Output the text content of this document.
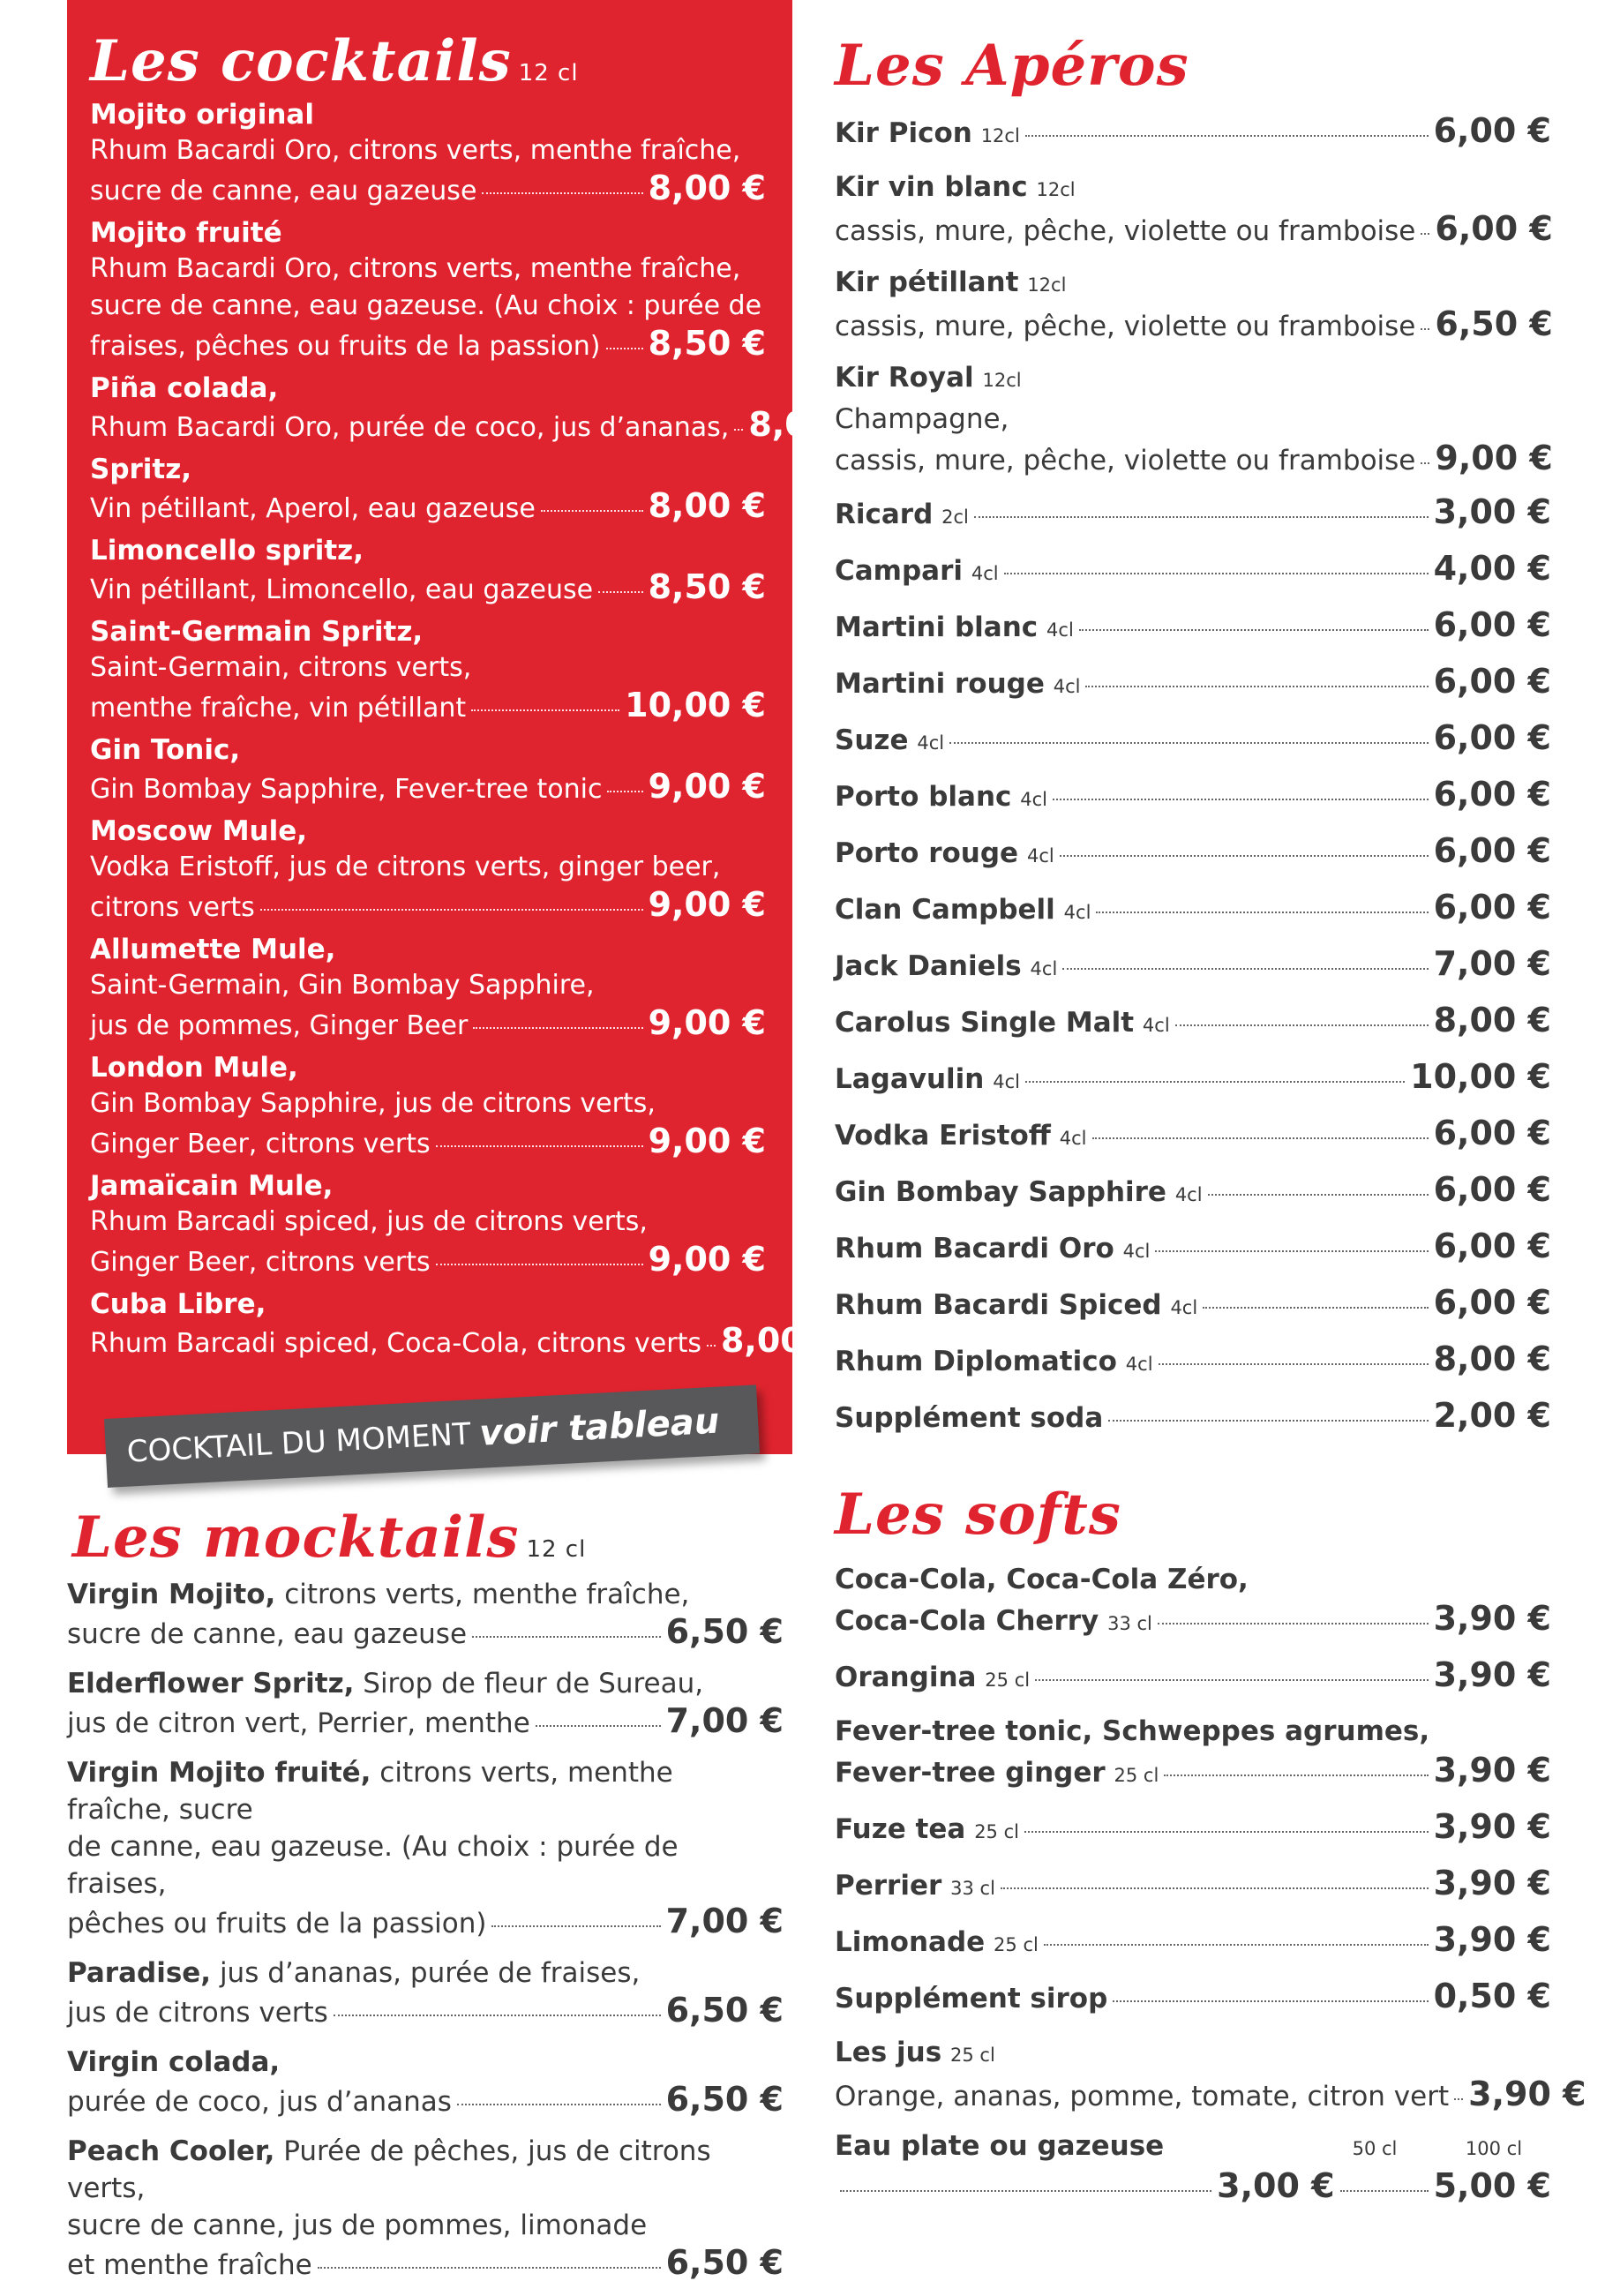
Les cocktails 12 cl
Mojito original
Rhum Bacardi Oro, citrons verts, menthe fraîche,
sucre de canne, eau gazeuse	8,00 €
Mojito fruité
Rhum Bacardi Oro, citrons verts, menthe fraîche,
sucre de canne, eau gazeuse. (Au choix : purée de
fraises, pêches ou fruits de la passion) 8,50 €
Piña colada,
Rhum Bacardi Oro, purée de coco, jus d’ananas, 8,00 €
Spritz,
Vin pétillant, Aperol, eau gazeuse	8,00 €
Limoncello spritz,
Vin pétillant, Limoncello, eau gazeuse 8,50 €
Saint-Germain Spritz,
Saint-Germain, citrons verts,
menthe fraîche, vin pétillant	10,00 €
Gin Tonic,
Gin Bombay Sapphire, Fever-tree tonic 9,00 €
Moscow Mule,
Vodka Eristoff, jus de citrons verts, ginger beer,
citrons verts	9,00 €
Allumette Mule,
Saint-Germain, Gin Bombay Sapphire,
jus de pommes, Ginger Beer	9,00 €
London Mule,
Gin Bombay Sapphire, jus de citrons verts,
Ginger Beer, citrons verts	9,00 €
Jamaïcain Mule,
Rhum Barcadi spiced, jus de citrons verts,
Ginger Beer, citrons verts	9,00 €
Cuba Libre,
Rhum Barcadi spiced, Coca-Cola, citrons verts 8,00 €
COCKTAIL DU MOMENT voir tableau
Les mocktails 12 cl
Virgin Mojito, citrons verts, menthe fraîche,
sucre de canne, eau gazeuse	6,50 €
Elderflower Spritz, Sirop de fleur de Sureau,
jus de citron vert, Perrier, menthe	7,00 €
Virgin Mojito fruité, citrons verts, menthe fraîche, sucre
de canne, eau gazeuse. (Au choix : purée de fraises,
pêches ou fruits de la passion)	7,00 €
Paradise, jus d’ananas, purée de fraises,
jus de citrons verts	6,50 €
Virgin colada,
purée de coco, jus d’ananas	6,50 €
Peach Cooler, Purée de pêches, jus de citrons verts,
sucre de canne, jus de pommes, limonade
et menthe fraîche	6,50 €
Les Apéros
Kir Picon 12cl	6,00 €
Kir vin blanc 12cl
cassis, mure, pêche, violette ou framboise 6,00 €
Kir pétillant 12cl
cassis, mure, pêche, violette ou framboise 6,50 €
Kir Royal 12cl
Champagne,
cassis, mure, pêche, violette ou framboise 9,00 €
Ricard 2cl	3,00 €
Campari 4cl	4,00 €
Martini blanc 4cl	6,00 €
Martini rouge 4cl	6,00 €
Suze 4cl	6,00 €
Porto blanc 4cl	6,00 €
Porto rouge 4cl	6,00 €
Clan Campbell 4cl	6,00 €
Jack Daniels 4cl	7,00 €
Carolus Single Malt 4cl	8,00 €
Lagavulin 4cl	10,00 €
Vodka Eristoff 4cl	6,00 €
Gin Bombay Sapphire 4cl	6,00 €
Rhum Bacardi Oro 4cl	6,00 €
Rhum Bacardi Spiced 4cl	6,00 €
Rhum Diplomatico 4cl	8,00 €
Supplément soda	2,00 €
Les softs
Coca-Cola, Coca-Cola Zéro,
Coca-Cola Cherry 33 cl	3,90 €
Orangina 25 cl	3,90 €
Fever-tree tonic, Schweppes agrumes,
Fever-tree ginger 25 cl	3,90 €
Fuze tea 25 cl	3,90 €
Perrier 33 cl	3,90 €
Limonade 25 cl	3,90 €
Supplément sirop	0,50 €
Les jus 25 cl
Orange, ananas, pomme, tomate, citron vert 3,90 €
Eau plate ou gazeuse	50 cl	100 cl
3,00 €	5,00 €
